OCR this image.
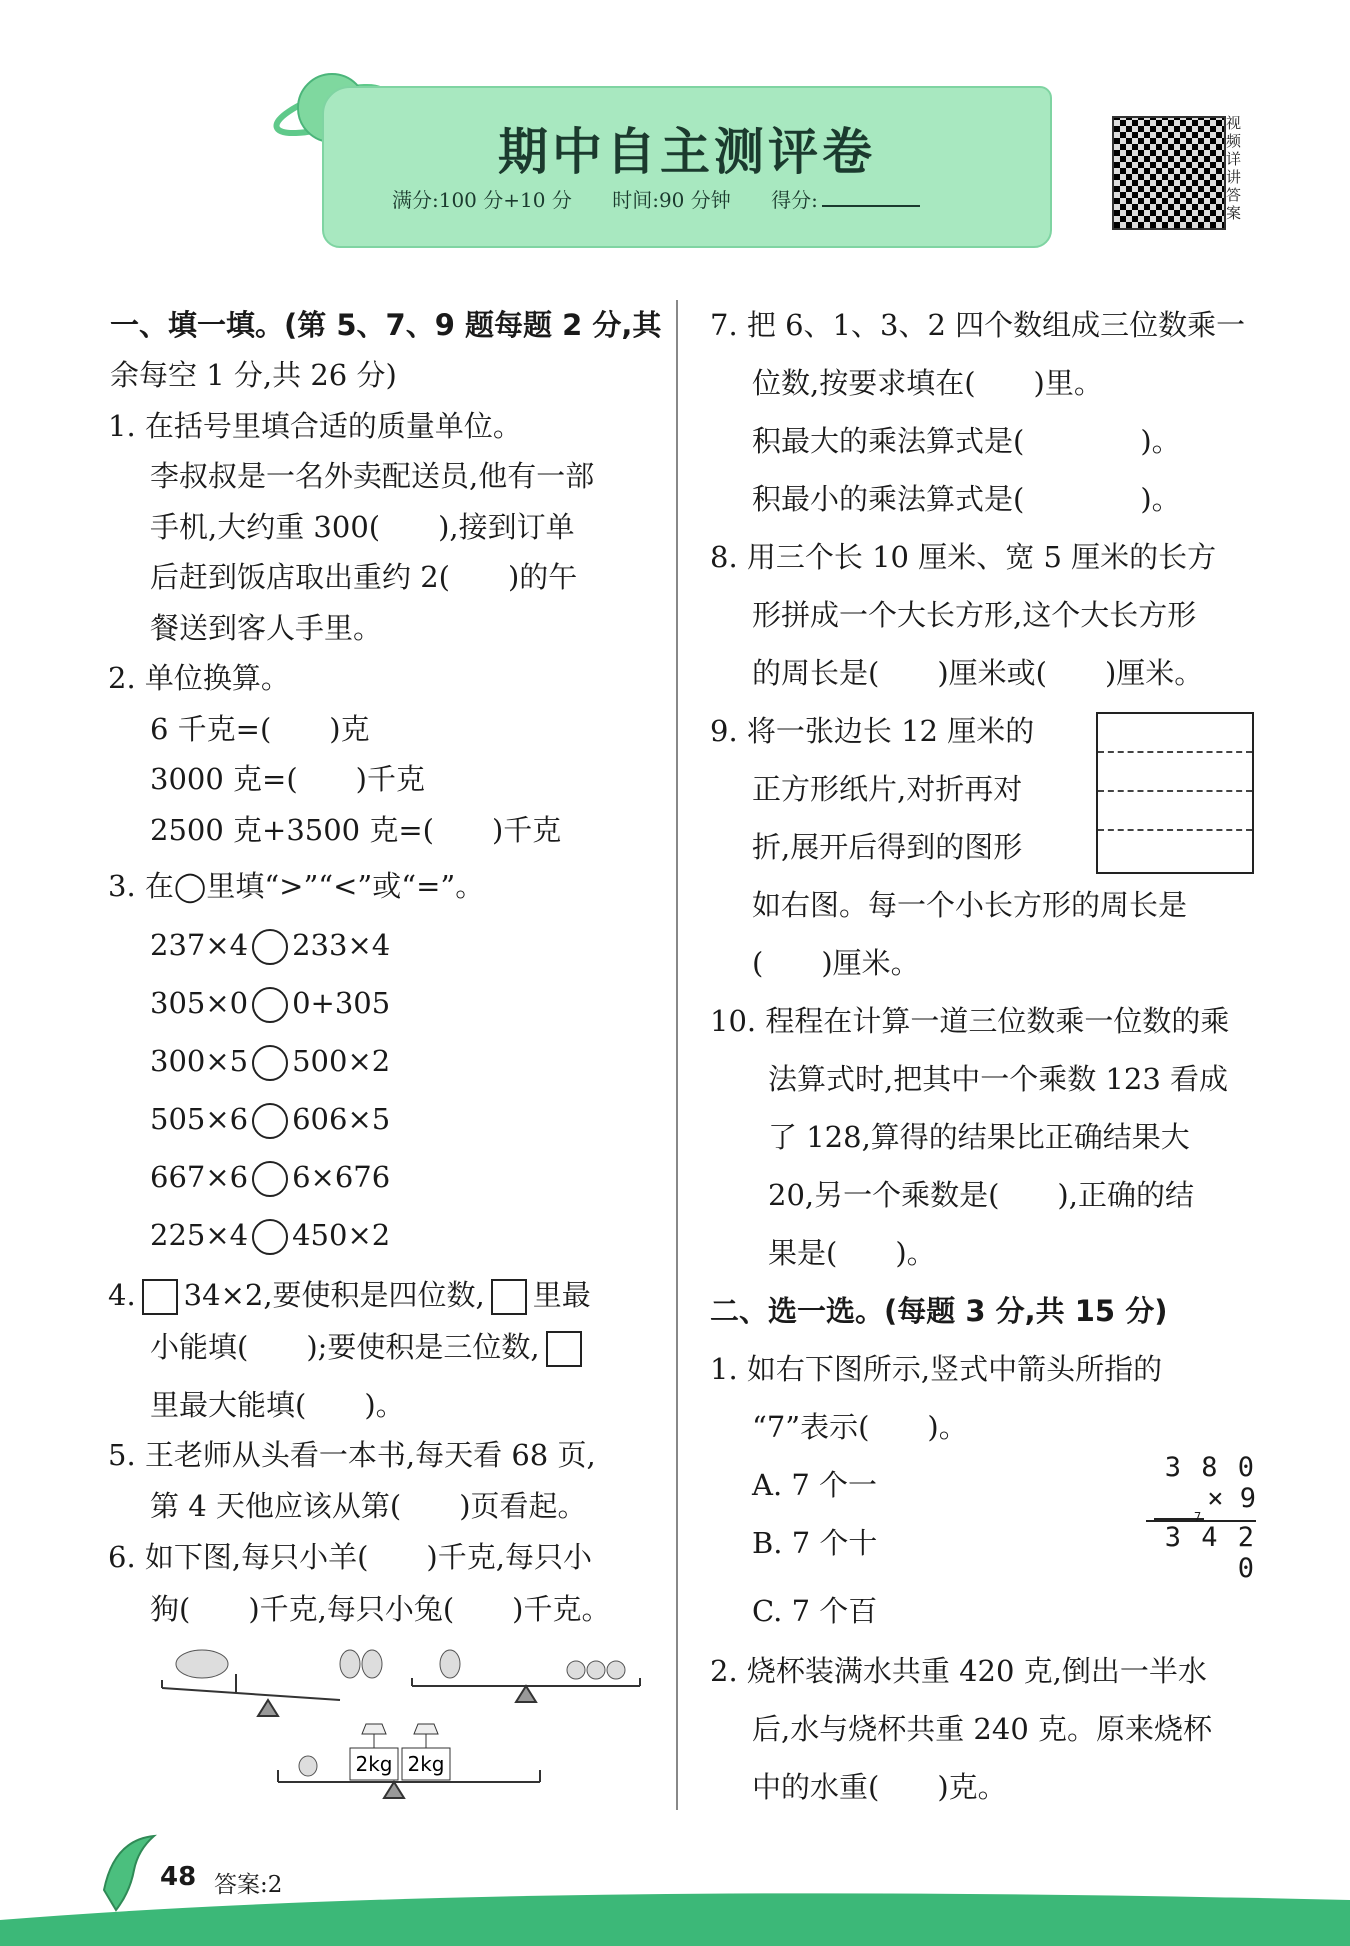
期中自主测评卷
满分:100 分+10 分 时间:90 分钟 得分:
视频详讲答案
一、填一填。(第 5、7、9 题每题 2 分,其
余每空 1 分,共 26 分)
1. 在括号里填合适的质量单位。
李叔叔是一名外卖配送员,他有一部
手机,大约重 300(　　),接到订单
后赶到饭店取出重约 2(　　)的午
餐送到客人手里。
2. 单位换算。
6 千克=(　　)克
3000 克=(　　)千克
2500 克+3500 克=(　　)千克
3. 在◯里填“>”“<”或“=”。
237×4 233×4
305×0 0+305
300×5 500×2
505×6 606×5
667×6 6×676
225×4 450×2
4. 34×2,要使积是四位数, 里最
小能填(　　);要使积是三位数,
里最大能填(　　)。
5. 王老师从头看一本书,每天看 68 页,
第 4 天他应该从第(　　)页看起。
6. 如下图,每只小羊(　　)千克,每只小
狗(　　)千克,每只小兔(　　)千克。
2kg 2kg
7. 把 6、1、3、2 四个数组成三位数乘一
位数,按要求填在(　　)里。
积最大的乘法算式是(　　　　)。
积最小的乘法算式是(　　　　)。
8. 用三个长 10 厘米、宽 5 厘米的长方
形拼成一个大长方形,这个大长方形
的周长是(　　)厘米或(　　)厘米。
9. 将一张边长 12 厘米的
正方形纸片,对折再对
折,展开后得到的图形
如右图。每一个小长方形的周长是
(　　)厘米。
10. 程程在计算一道三位数乘一位数的乘
法算式时,把其中一个乘数 123 看成
了 128,算得的结果比正确结果大
20,另一个乘数是(　　),正确的结
果是(　　)。
二、选一选。(每题 3 分,共 15 分)
1. 如右下图所示,竖式中箭头所指的
“7”表示(　　)。
A. 7 个一
B. 7 个十
C. 7 个百
3 8 0
× 9
7
3 4 2 0
2. 烧杯装满水共重 420 克,倒出一半水
后,水与烧杯共重 240 克。原来烧杯
中的水重(　　)克。
48 答案:2
